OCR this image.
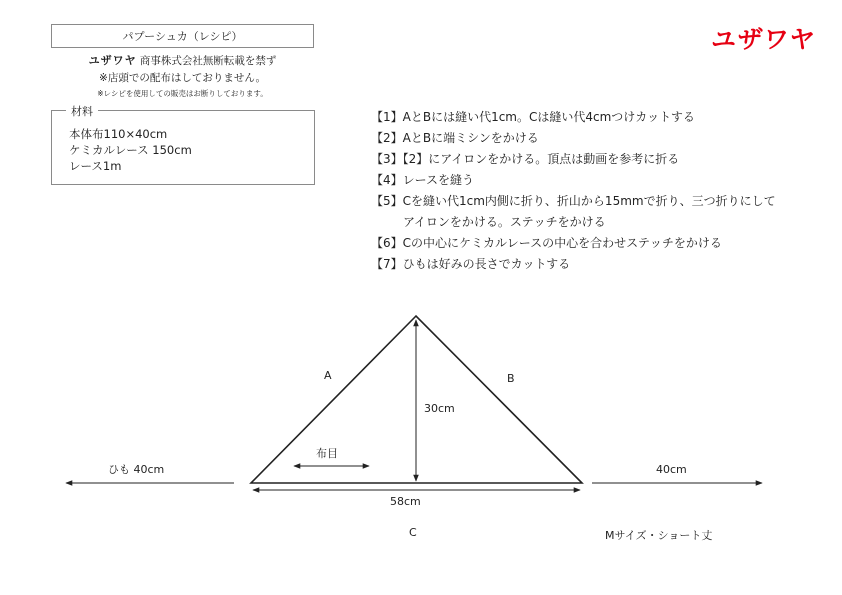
パプーシュカ（レシピ）
ユザワヤ 商事株式会社無断転載を禁ず
※店頭での配布はしておりません。
※レシピを使用しての販売はお断りしております。
材料
本体布110×40cm
ケミカルレース 150cm
レース1m
ユザワヤ
【1】AとBには縫い代1cm。Cは縫い代4cmつけカットする
【2】AとBに端ミシンをかける
【3】【2】にアイロンをかける。頂点は動画を参考に折る
【4】レースを縫う
【5】Cを縫い代1cm内側に折り、折山から15mmで折り、三つ折りにして
アイロンをかける。ステッチをかける
【6】Cの中心にケミカルレースの中心を合わせステッチをかける
【7】ひもは好みの長さでカットする
A	B
30cm
布目
58cm
C
ひも 40cm	40cm
Mサイズ・ショート丈
